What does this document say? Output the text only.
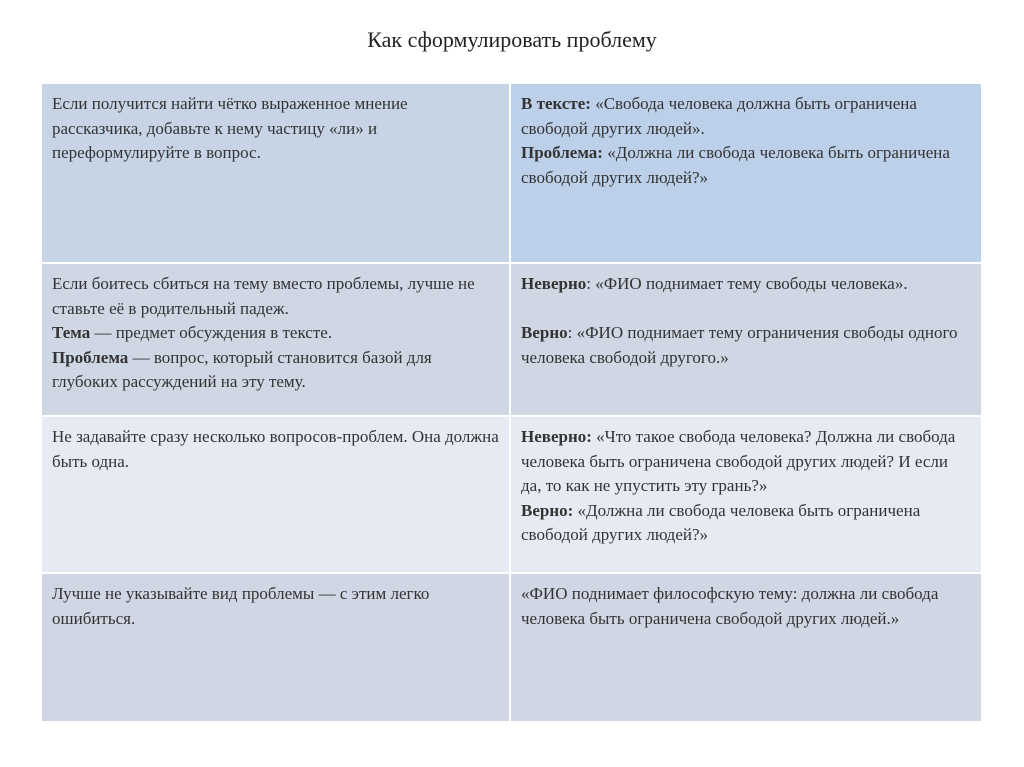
Как сформулировать проблему
Если получится найти чётко выраженное мнение рассказчика, добавьте к нему частицу «ли» и переформулируйте в вопрос.
В тексте: «Свобода человека должна быть ограничена свободой других людей».
Проблема: «Должна ли свобода человека быть ограничена свободой других людей?»
Если боитесь сбиться на тему вместо проблемы, лучше не ставьте её в родительный падеж.
Тема — предмет обсуждения в тексте.
Проблема — вопрос, который становится базой для глубоких рассуждений на эту тему.
Неверно: «ФИО поднимает тему свободы человека».
Верно: «ФИО поднимает тему ограничения свободы одного человека свободой другого.»
Не задавайте сразу несколько вопросов-проблем. Она должна быть одна.
Неверно: «Что такое свобода человека? Должна ли свобода человека быть ограничена свободой других людей? И если да, то как не упустить эту грань?»
Верно: «Должна ли свобода человека быть ограничена свободой других людей?»
Лучше не указывайте вид проблемы — с этим легко ошибиться.
«ФИО поднимает философскую тему: должна ли свобода человека быть ограничена свободой других людей.»
